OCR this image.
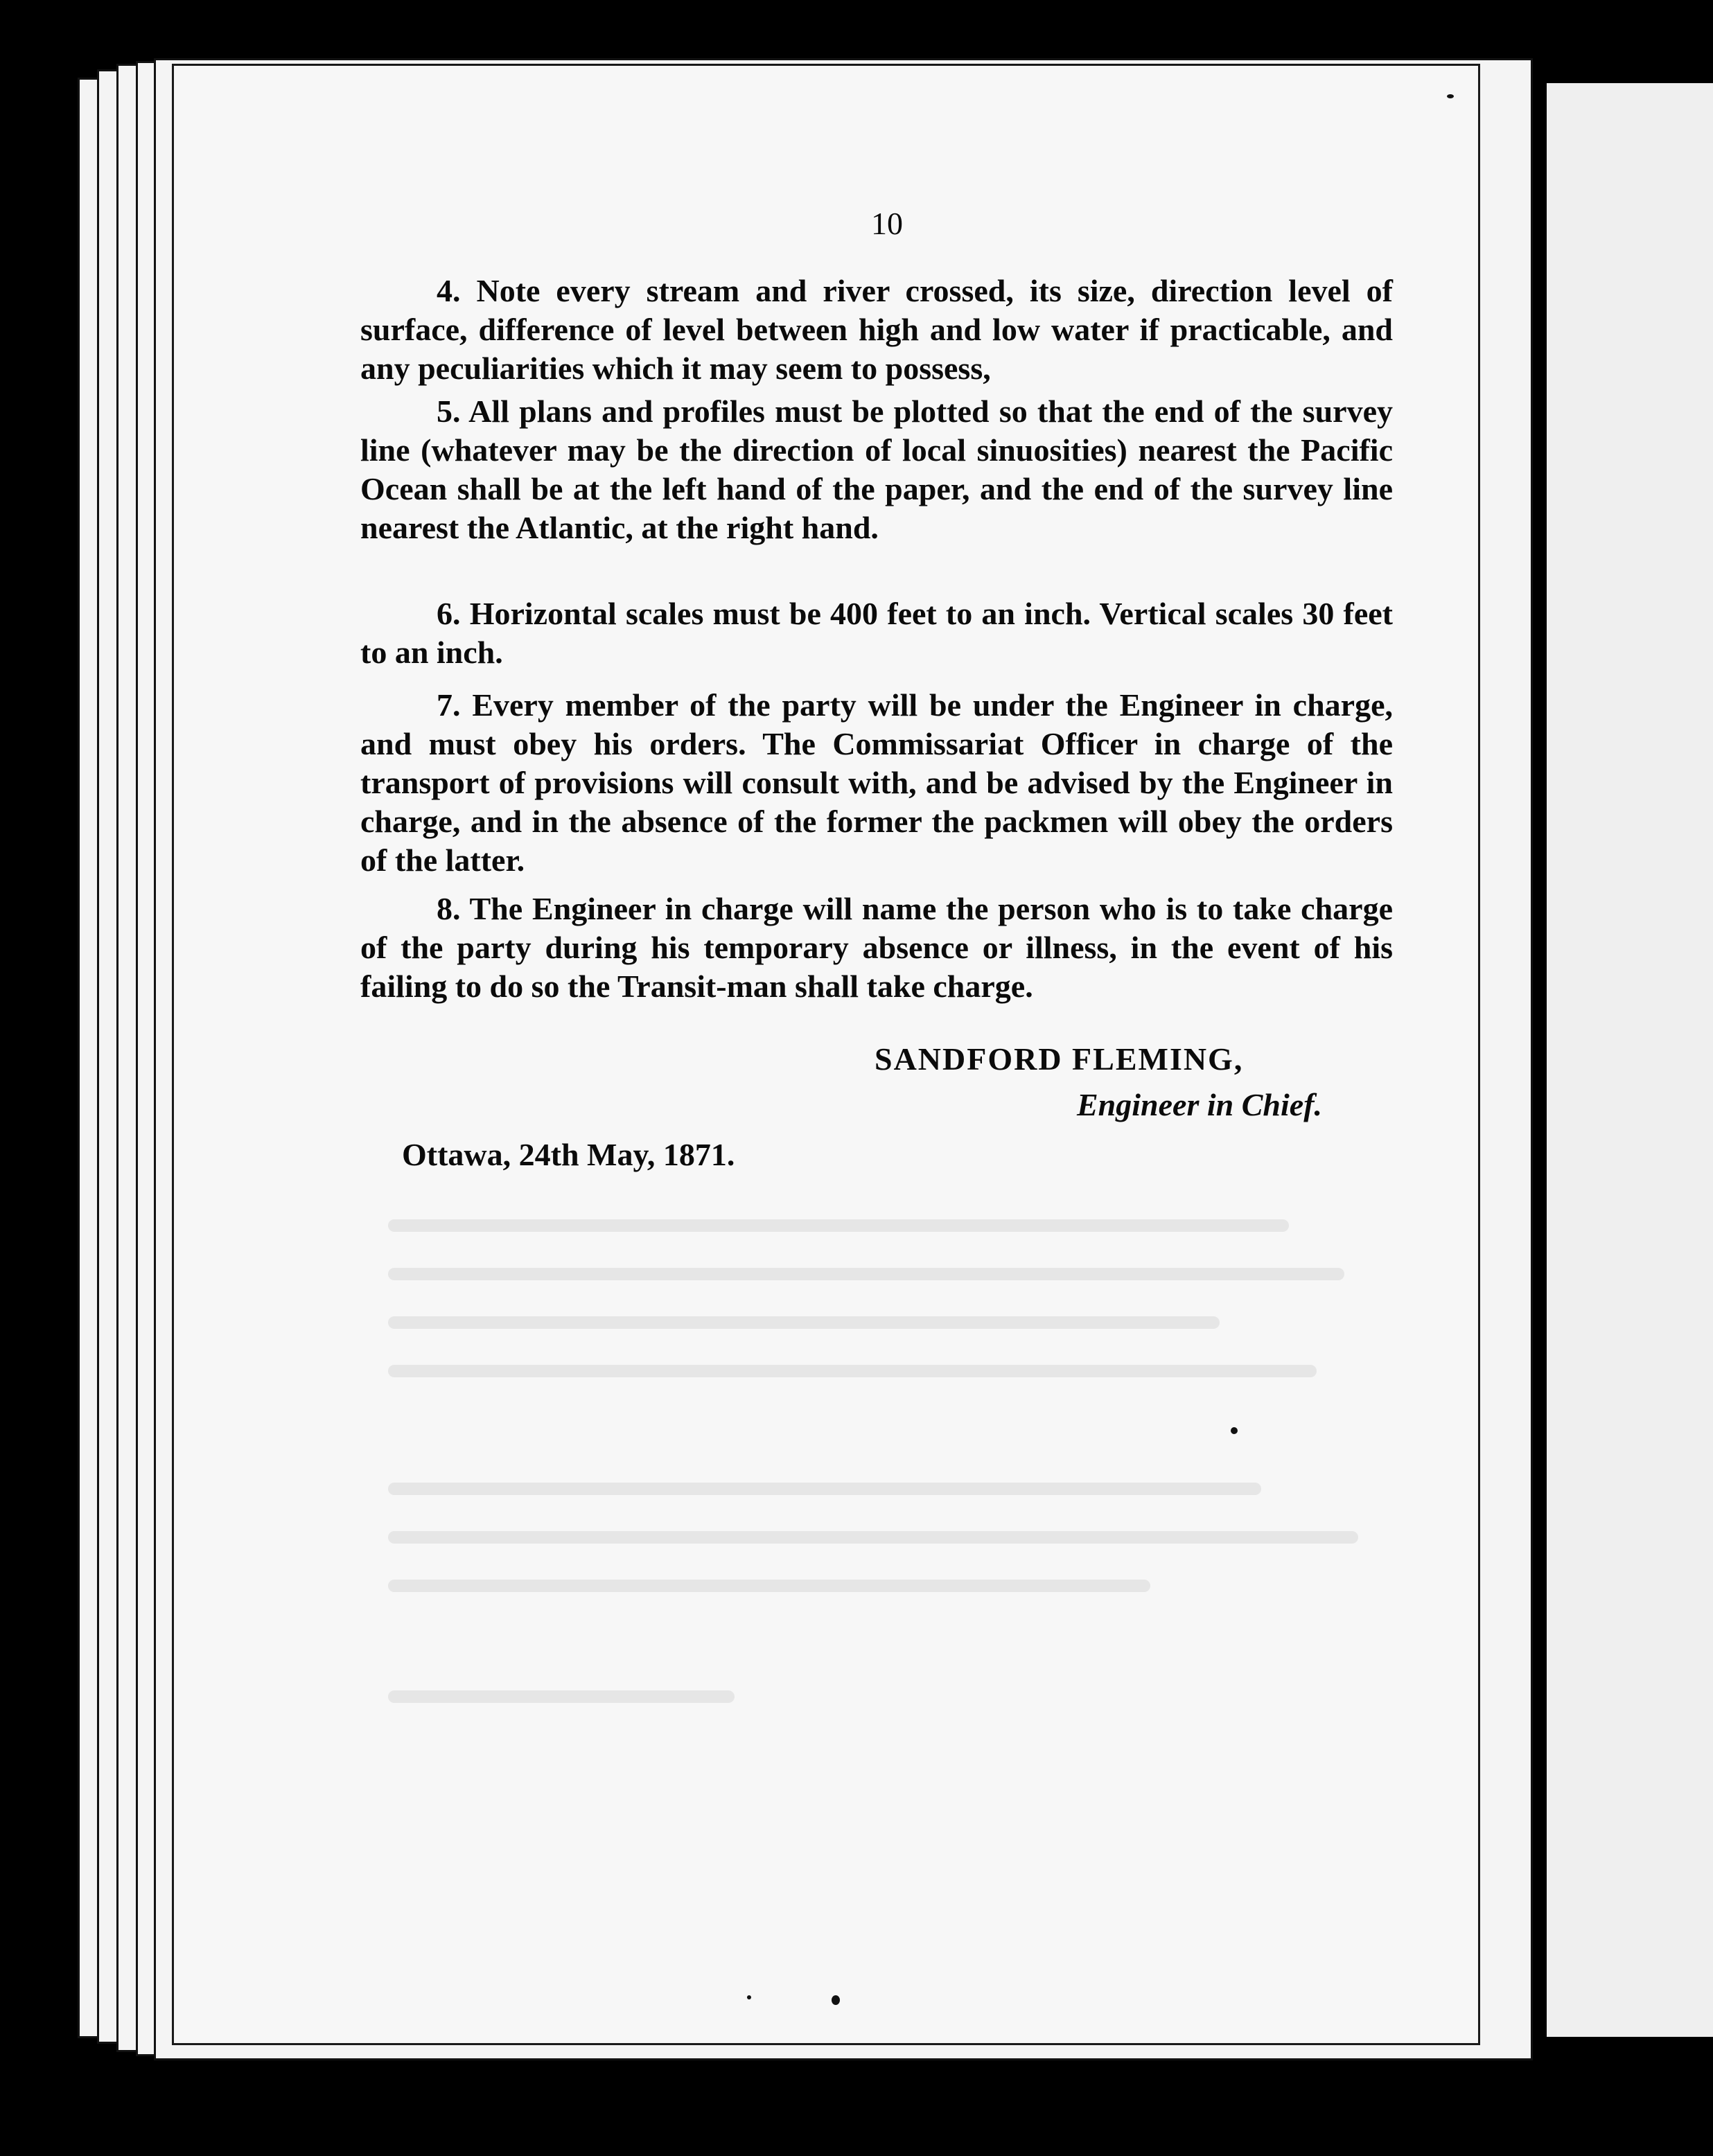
10

4. Note every stream and river crossed, its size, direction level of surface, difference of level between high and low water if practicable, and any peculiarities which it may seem to possess,

5. All plans and profiles must be plotted so that the end of the survey line (whatever may be the direction of local sinuosities) nearest the Pacific Ocean shall be at the left hand of the paper, and the end of the survey line nearest the Atlantic, at the right hand.

6. Horizontal scales must be 400 feet to an inch. Vertical scales 30 feet to an inch.

7. Every member of the party will be under the Engineer in charge, and must obey his orders. The Commissariat Officer in charge of the transport of provisions will consult with, and be advised by the Engineer in charge, and in the absence of the former the packmen will obey the orders of the latter.

8. The Engineer in charge will name the person who is to take charge of the party during his temporary absence or illness, in the event of his failing to do so the Transit-man shall take charge.

SANDFORD FLEMING,
Engineer in Chief.
Ottawa, 24th May, 1871.
